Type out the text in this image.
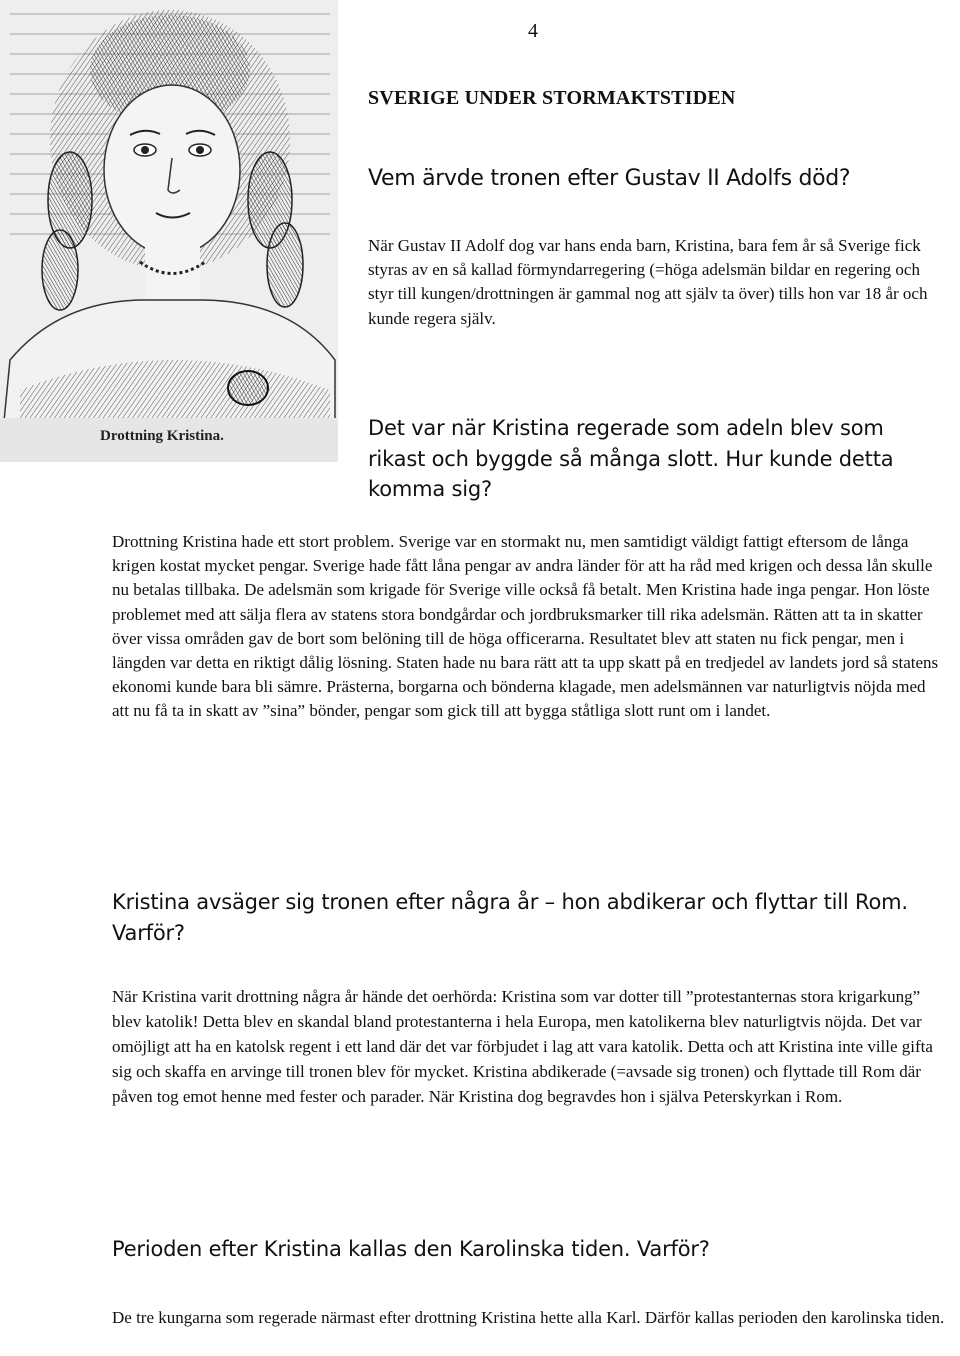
4
Drottning Kristina.
SVERIGE UNDER STORMAKTSTIDEN
Vem ärvde tronen efter Gustav II Adolfs död?

När Gustav II Adolf dog var hans enda barn, Kristina, bara fem år så Sverige fick styras av en så kallad förmyndarregering (=höga adelsmän bildar en regering och styr till kungen/drottningen är gammal nog att själv ta över) tills hon var 18 år och kunde regera själv.

Det var när Kristina regerade som adeln blev som rikast och byggde så många slott. Hur kunde detta komma sig?

Drottning Kristina hade ett stort problem. Sverige var en stormakt nu, men samtidigt väldigt fattigt eftersom de långa krigen kostat mycket pengar. Sverige hade fått låna pengar av andra länder för att ha råd med krigen och dessa lån skulle nu betalas tillbaka. De adelsmän som krigade för Sverige ville också få betalt. Men Kristina hade inga pengar. Hon löste problemet med att sälja flera av statens stora bondgårdar och jordbruksmarker till rika adelsmän. Rätten att ta in skatter över vissa områden gav de bort som belöning till de höga officerarna. Resultatet blev att staten nu fick pengar, men i längden var detta en riktigt dålig lösning. Staten hade nu bara rätt att ta upp skatt på en tredjedel av landets jord så statens ekonomi kunde bara bli sämre. Prästerna, borgarna och bönderna klagade, men adelsmännen var naturligtvis nöjda med att nu få ta in skatt av ”sina” bönder, pengar som gick till att bygga ståtliga slott runt om i landet.

Kristina avsäger sig tronen efter några år – hon abdikerar och flyttar till Rom. Varför?

När Kristina varit drottning några år hände det oerhörda: Kristina som var dotter till ”protestanternas stora krigarkung” blev katolik! Detta blev en skandal bland protestanterna i hela Europa, men katolikerna blev naturligtvis nöjda. Det var omöjligt att ha en katolsk regent i ett land där det var förbjudet i lag att vara katolik. Detta och att Kristina inte ville gifta sig och skaffa en arvinge till tronen blev för mycket. Kristina abdikerade (=avsade sig tronen) och flyttade till Rom där påven tog emot henne med fester och parader. När Kristina dog begravdes hon i själva Peterskyrkan i Rom.

Perioden efter Kristina kallas den Karolinska tiden. Varför?

De tre kungarna som regerade närmast efter drottning Kristina hette alla Karl. Därför kallas perioden den karolinska tiden.
